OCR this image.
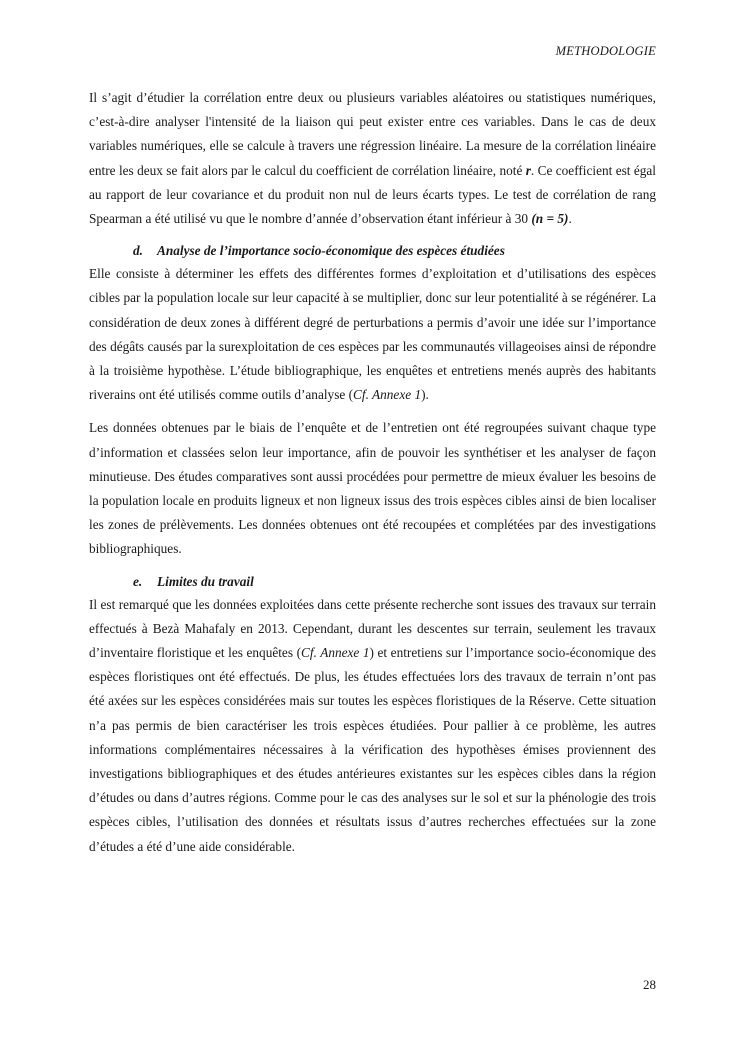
METHODOLOGIE

Il s’agit d’étudier la corrélation entre deux ou plusieurs variables aléatoires ou statistiques numériques, c’est-à-dire analyser l'intensité de la liaison qui peut exister entre ces variables. Dans le cas de deux variables numériques, elle se calcule à travers une régression linéaire. La mesure de la corrélation linéaire entre les deux se fait alors par le calcul du coefficient de corrélation linéaire, noté r. Ce coefficient est égal au rapport de leur covariance et du produit non nul de leurs écarts types. Le test de corrélation de rang Spearman a été utilisé vu que le nombre d’année d’observation étant inférieur à 30 (n = 5).

d. Analyse de l’importance socio-économique des espèces étudiées

Elle consiste à déterminer les effets des différentes formes d’exploitation et d’utilisations des espèces cibles par la population locale sur leur capacité à se multiplier, donc sur leur potentialité à se régénérer. La considération de deux zones à différent degré de perturbations a permis d’avoir une idée sur l’importance des dégâts causés par la surexploitation de ces espèces par les communautés villageoises ainsi de répondre à la troisième hypothèse. L’étude bibliographique, les enquêtes et entretiens menés auprès des habitants riverains ont été utilisés comme outils d’analyse (Cf. Annexe 1).

Les données obtenues par le biais de l’enquête et de l’entretien ont été regroupées suivant chaque type d’information et classées selon leur importance, afin de pouvoir les synthétiser et les analyser de façon minutieuse. Des études comparatives sont aussi procédées pour permettre de mieux évaluer les besoins de la population locale en produits ligneux et non ligneux issus des trois espèces cibles ainsi de bien localiser les zones de prélèvements. Les données obtenues ont été recoupées et complétées par des investigations bibliographiques.

e. Limites du travail

Il est remarqué que les données exploitées dans cette présente recherche sont issues des travaux sur terrain effectués à Bezà Mahafaly en 2013. Cependant, durant les descentes sur terrain, seulement les travaux d’inventaire floristique et les enquêtes (Cf. Annexe 1) et entretiens sur l’importance socio-économique des espèces floristiques ont été effectués. De plus, les études effectuées lors des travaux de terrain n’ont pas été axées sur les espèces considérées mais sur toutes les espèces floristiques de la Réserve. Cette situation n’a pas permis de bien caractériser les trois espèces étudiées. Pour pallier à ce problème, les autres informations complémentaires nécessaires à la vérification des hypothèses émises proviennent des investigations bibliographiques et des études antérieures existantes sur les espèces cibles dans la région d’études ou dans d’autres régions. Comme pour le cas des analyses sur le sol et sur la phénologie des trois espèces cibles, l’utilisation des données et résultats issus d’autres recherches effectuées sur la zone d’études a été d’une aide considérable.

28
